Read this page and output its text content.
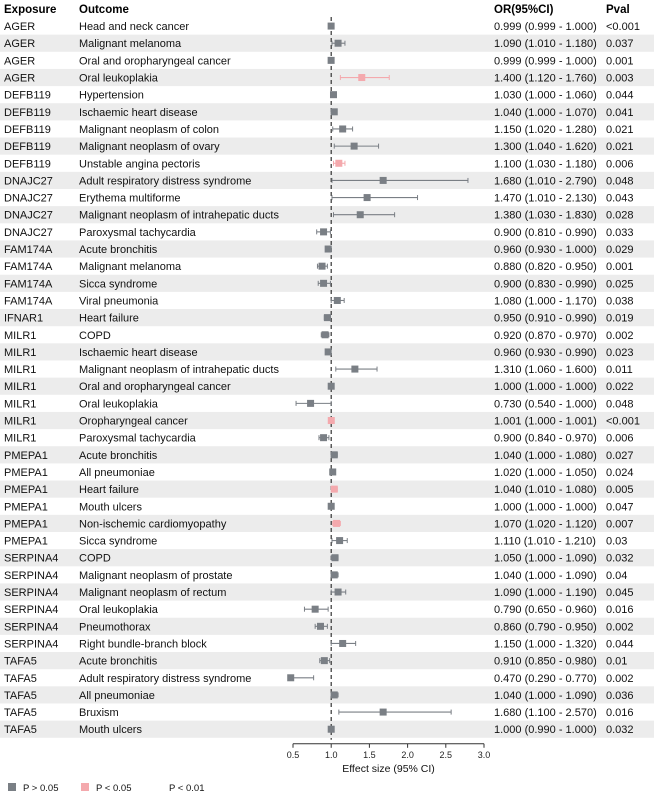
Exposure Outcome	OR(95%CI)	Pval
AGER	Head and neck cancer	0.999 (0.999 - 1.000) <0.001
AGER	Malignant melanoma	1.090 (1.010 - 1.180) 0.037
AGER	Oral and oropharyngeal cancer	0.999 (0.999 - 1.000) 0.001
AGER	Oral leukoplakia	1.400 (1.120 - 1.760) 0.003
DEFB119	Hypertension	1.030 (1.000 - 1.060) 0.044
DEFB119	Ischaemic heart disease	1.040 (1.000 - 1.070) 0.041
DEFB119	Malignant neoplasm of colon	1.150 (1.020 - 1.280) 0.021
DEFB119	Malignant neoplasm of ovary	1.300 (1.040 - 1.620) 0.021
DEFB119	Unstable angina pectoris	1.100 (1.030 - 1.180) 0.006
DNAJC27 Adult respiratory distress syndrome	1.680 (1.010 - 2.790) 0.048
DNAJC27 Erythema multiforme	1.470 (1.010 - 2.130) 0.043
DNAJC27 Malignant neoplasm of intrahepatic ducts	1.380 (1.030 - 1.830) 0.028
DNAJC27 Paroxysmal tachycardia	0.900 (0.810 - 0.990) 0.033
FAM174A Acute bronchitis	0.960 (0.930 - 1.000) 0.029
FAM174A Malignant melanoma	0.880 (0.820 - 0.950) 0.001
FAM174A Sicca syndrome	0.900 (0.830 - 0.990) 0.025
FAM174A Viral pneumonia	1.080 (1.000 - 1.170) 0.038
IFNAR1	Heart failure	0.950 (0.910 - 0.990) 0.019
MILR1	COPD	0.920 (0.870 - 0.970) 0.002
MILR1	Ischaemic heart disease	0.960 (0.930 - 0.990) 0.023
MILR1	Malignant neoplasm of intrahepatic ducts	1.310 (1.060 - 1.600) 0.011
MILR1	Oral and oropharyngeal cancer	1.000 (1.000 - 1.000) 0.022
MILR1	Oral leukoplakia	0.730 (0.540 - 1.000) 0.048
MILR1	Oropharyngeal cancer	1.001 (1.000 - 1.001) <0.001
MILR1	Paroxysmal tachycardia	0.900 (0.840 - 0.970) 0.006
PMEPA1	Acute bronchitis	1.040 (1.000 - 1.080) 0.027
PMEPA1	All pneumoniae	1.020 (1.000 - 1.050) 0.024
PMEPA1	Heart failure	1.040 (1.010 - 1.080) 0.005
PMEPA1	Mouth ulcers	1.000 (1.000 - 1.000) 0.047
PMEPA1	Non-ischemic cardiomyopathy	1.070 (1.020 - 1.120) 0.007
PMEPA1	Sicca syndrome	1.110 (1.010 - 1.210) 0.03
SERPINA4 COPD	1.050 (1.000 - 1.090) 0.032
SERPINA4 Malignant neoplasm of prostate	1.040 (1.000 - 1.090) 0.04
SERPINA4 Malignant neoplasm of rectum	1.090 (1.000 - 1.190) 0.045
SERPINA4 Oral leukoplakia	0.790 (0.650 - 0.960) 0.016
SERPINA4 Pneumothorax	0.860 (0.790 - 0.950) 0.002
SERPINA4 Right bundle-branch block	1.150 (1.000 - 1.320) 0.044
TAFA5	Acute bronchitis	0.910 (0.850 - 0.980) 0.01
TAFA5	Adult respiratory distress syndrome	0.470 (0.290 - 0.770) 0.002
TAFA5	All pneumoniae	1.040 (1.000 - 1.090) 0.036
TAFA5	Bruxism	1.680 (1.100 - 2.570) 0.016
TAFA5	Mouth ulcers	1.000 (0.990 - 1.000) 0.032
0.5	1.0	1.5	2.0	2.5	3.0
Effect size (95% CI)
P > 0.05	P < 0.05	P < 0.01
